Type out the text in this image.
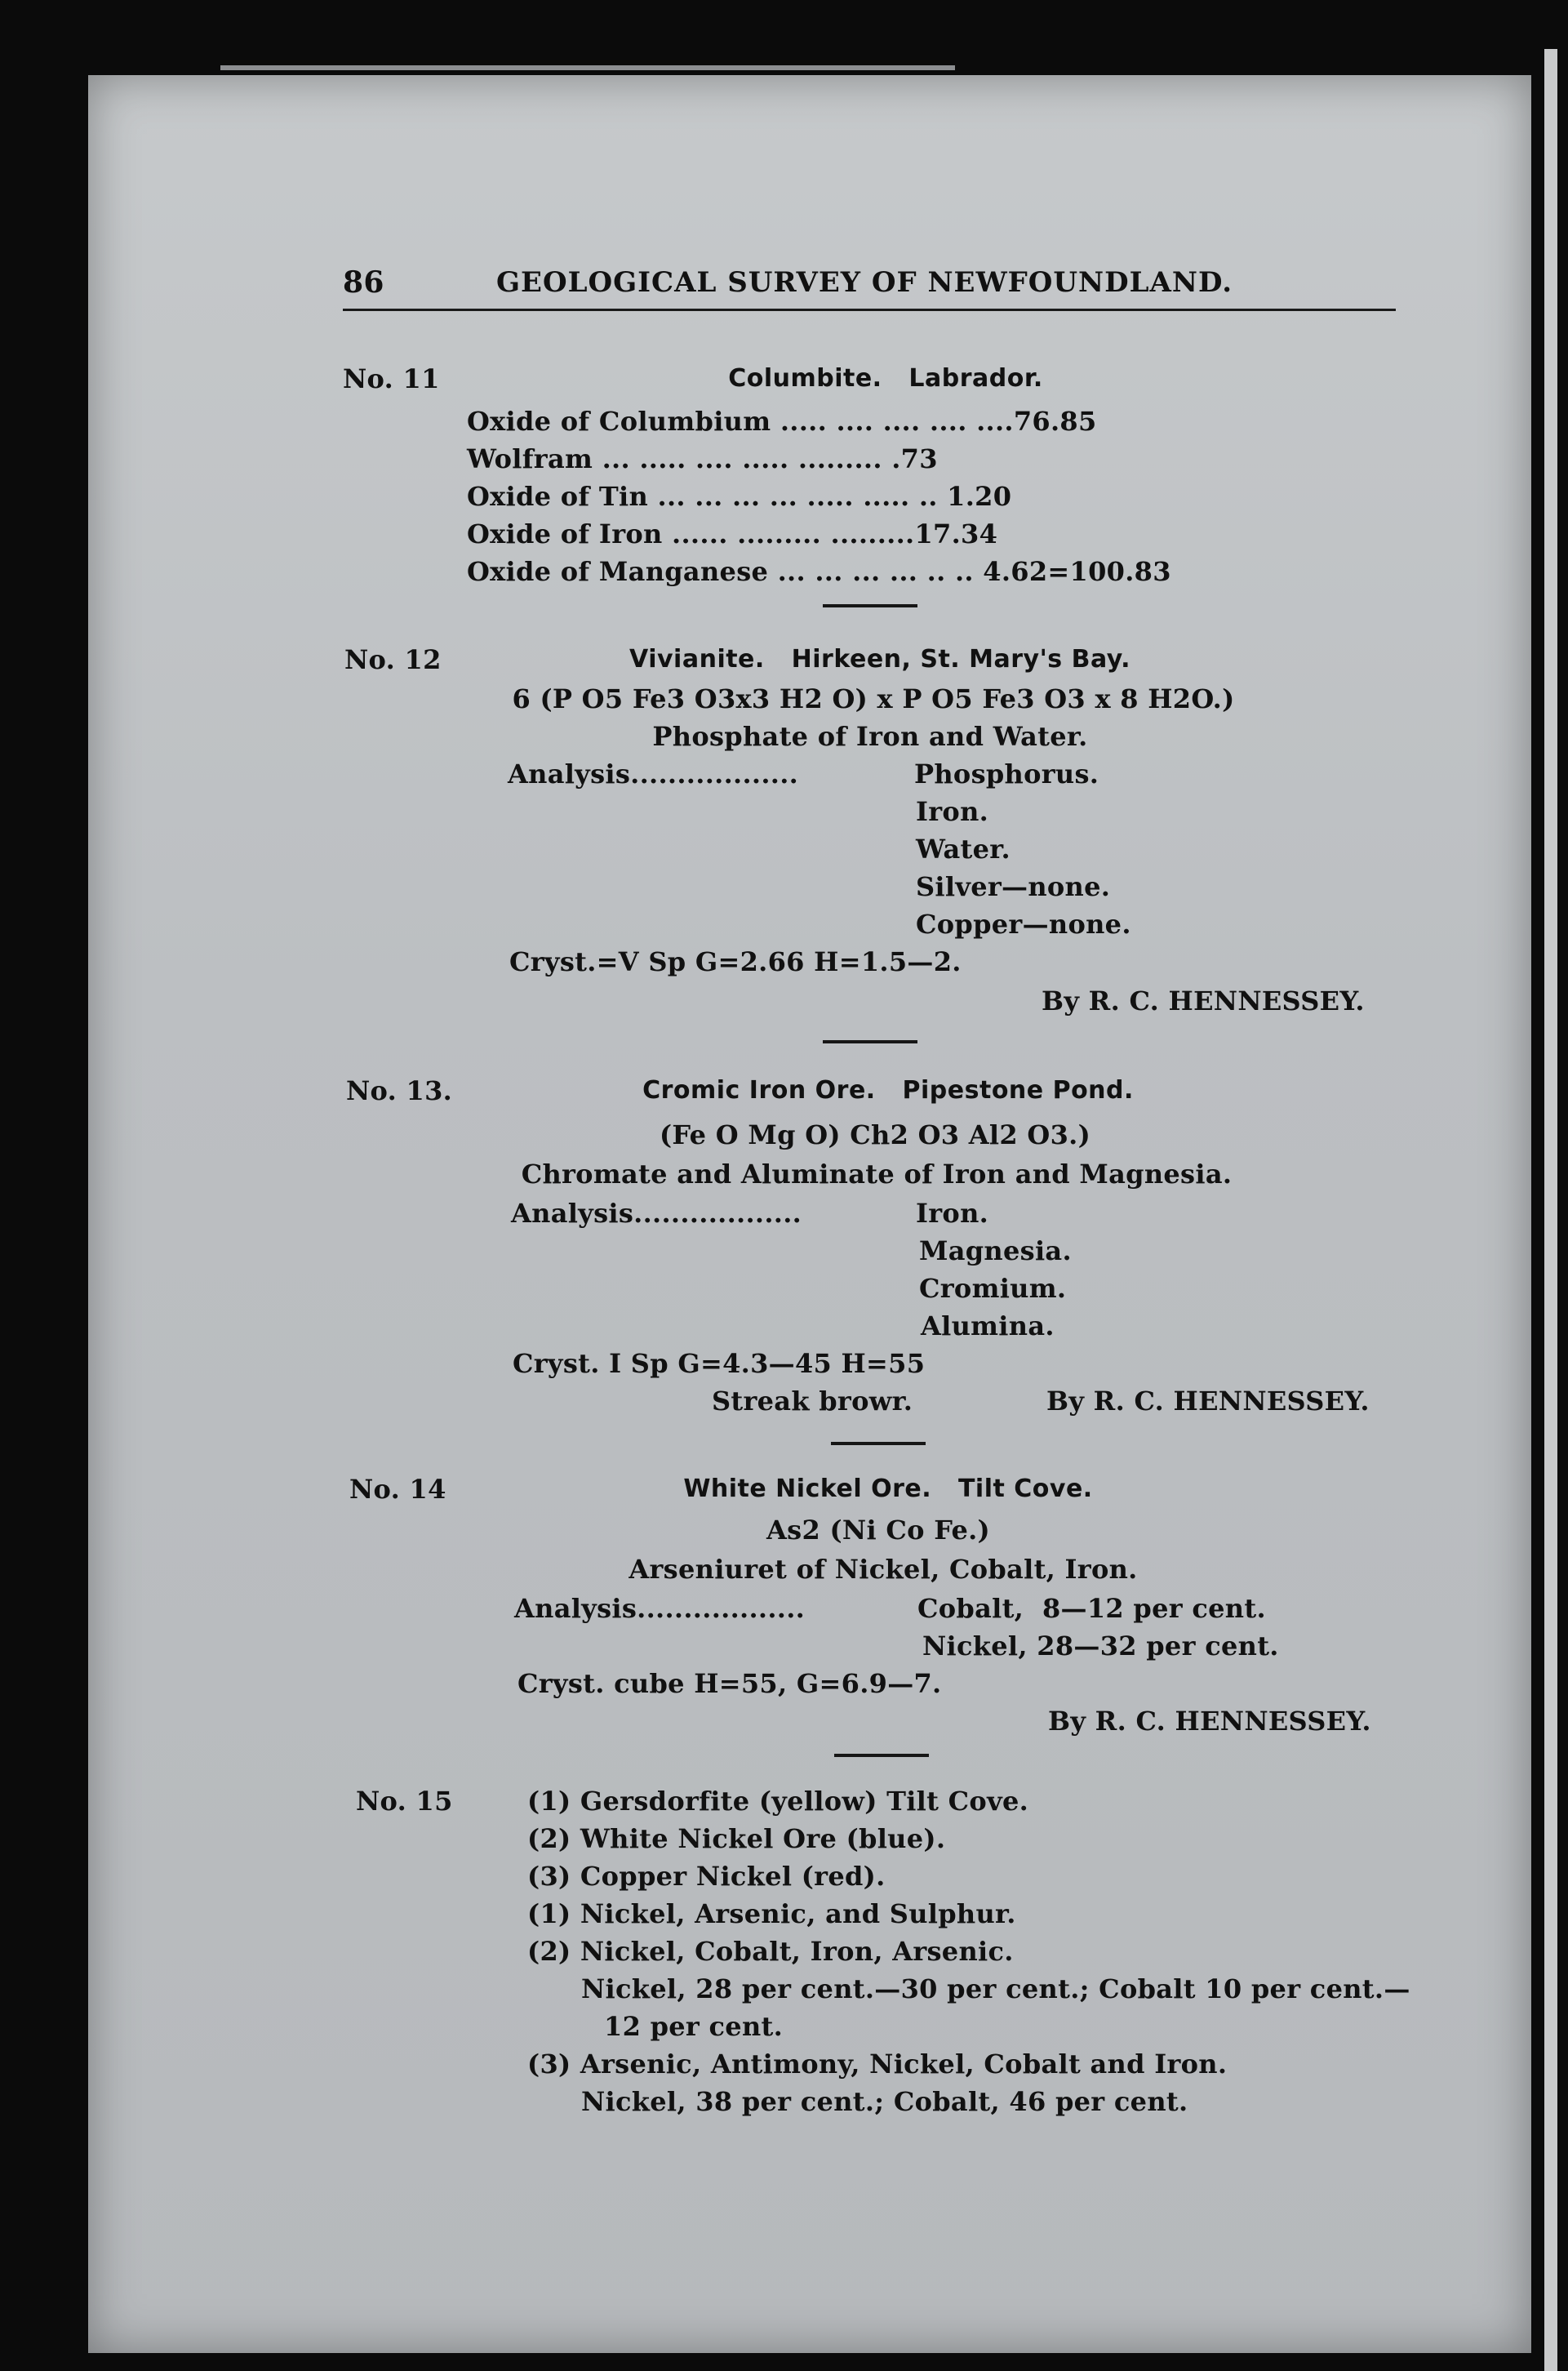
86	GEOLOGICAL SURVEY OF NEWFOUNDLAND.
No. 11	Columbite.   Labrador.
Oxide of Columbium ..... .... .... .... ....76.85
Wolfram ... ..... .... ..... ......... .73
Oxide of Tin ... ... ... ... ..... ..... .. 1.20
Oxide of Iron ...... ......... .........17.34
Oxide of Manganese ... ... ... ... .. .. 4.62=100.83
No. 12	Vivianite.   Hirkeen, St. Mary's Bay.
6 (P O5 Fe3 O3x3 H2 O) x P O5 Fe3 O3 x 8 H2O.)
Phosphate of Iron and Water.
Analysis..................	Phosphorus.
Iron.
Water.
Silver—none.
Copper—none.
Cryst.=V Sp G=2.66 H=1.5—2.
By R. C. HENNESSEY.
No. 13.	Cromic Iron Ore.   Pipestone Pond.
(Fe O Mg O) Ch2 O3 Al2 O3.)
Chromate and Aluminate of Iron and Magnesia.
Analysis..................	Iron.
Magnesia.
Cromium.
Alumina.
Cryst. I Sp G=4.3—45 H=55
Streak browr.	By R. C. HENNESSEY.
No. 14	White Nickel Ore.   Tilt Cove.
As2 (Ni Co Fe.)
Arseniuret of Nickel, Cobalt, Iron.
Analysis..................	Cobalt,  8—12 per cent.
Nickel, 28—32 per cent.
Cryst. cube H=55, G=6.9—7.
By R. C. HENNESSEY.
No. 15	(1) Gersdorfite (yellow) Tilt Cove.
(2) White Nickel Ore (blue).
(3) Copper Nickel (red).
(1) Nickel, Arsenic, and Sulphur.
(2) Nickel, Cobalt, Iron, Arsenic.
Nickel, 28 per cent.—30 per cent.; Cobalt 10 per cent.—
12 per cent.
(3) Arsenic, Antimony, Nickel, Cobalt and Iron.
Nickel, 38 per cent.; Cobalt, 46 per cent.
